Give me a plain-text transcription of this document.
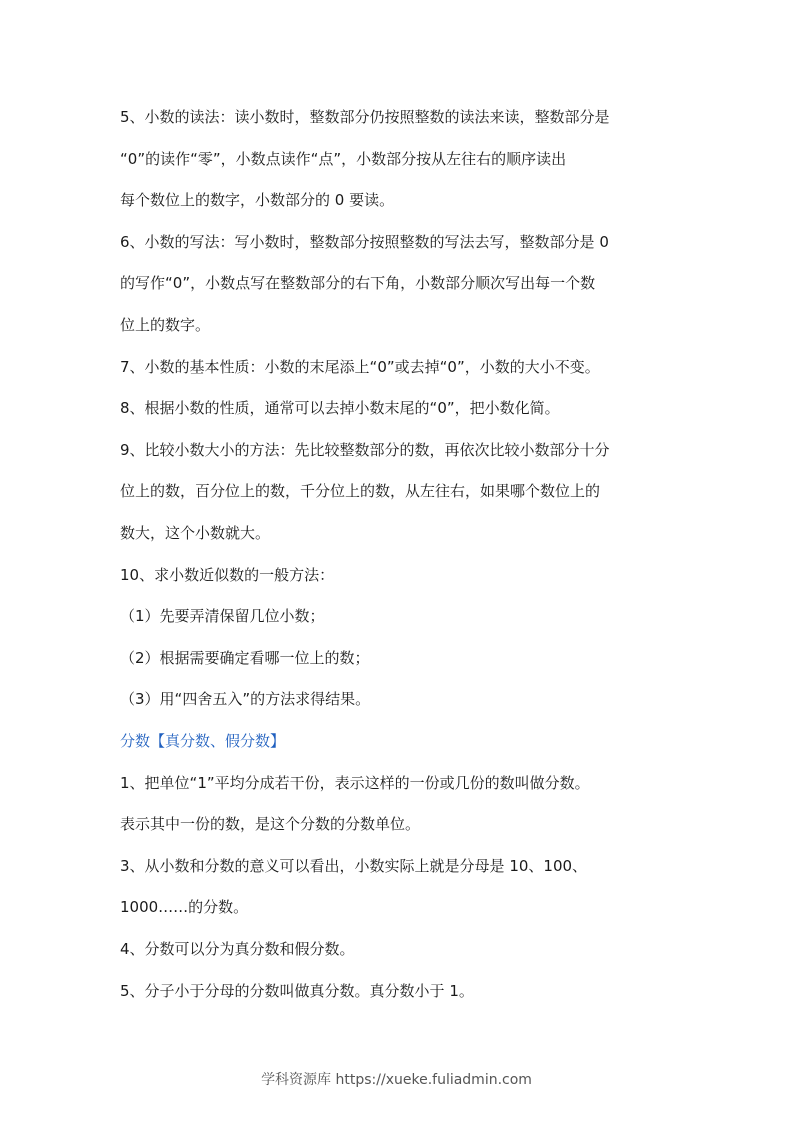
5、小数的读法：读小数时，整数部分仍按照整数的读法来读，整数部分是
“0”的读作“零”，小数点读作“点”，小数部分按从左往右的顺序读出
每个数位上的数字，小数部分的 0 要读。
6、小数的写法：写小数时，整数部分按照整数的写法去写，整数部分是 0
的写作“0”，小数点写在整数部分的右下角，小数部分顺次写出每一个数
位上的数字。
7、小数的基本性质：小数的末尾添上“0”或去掉“0”，小数的大小不变。
8、根据小数的性质，通常可以去掉小数末尾的“0”，把小数化简。
9、比较小数大小的方法：先比较整数部分的数，再依次比较小数部分十分
位上的数，百分位上的数，千分位上的数，从左往右，如果哪个数位上的
数大，这个小数就大。
10、求小数近似数的一般方法：
（1）先要弄清保留几位小数；
（2）根据需要确定看哪一位上的数；
（3）用“四舍五入”的方法求得结果。
分数【真分数、假分数】
1、把单位“1”平均分成若干份，表示这样的一份或几份的数叫做分数。
表示其中一份的数，是这个分数的分数单位。
3、从小数和分数的意义可以看出，小数实际上就是分母是 10、100、
1000……的分数。
4、分数可以分为真分数和假分数。
5、分子小于分母的分数叫做真分数。真分数小于 1。
学科资源库 https://xueke.fuliadmin.com
